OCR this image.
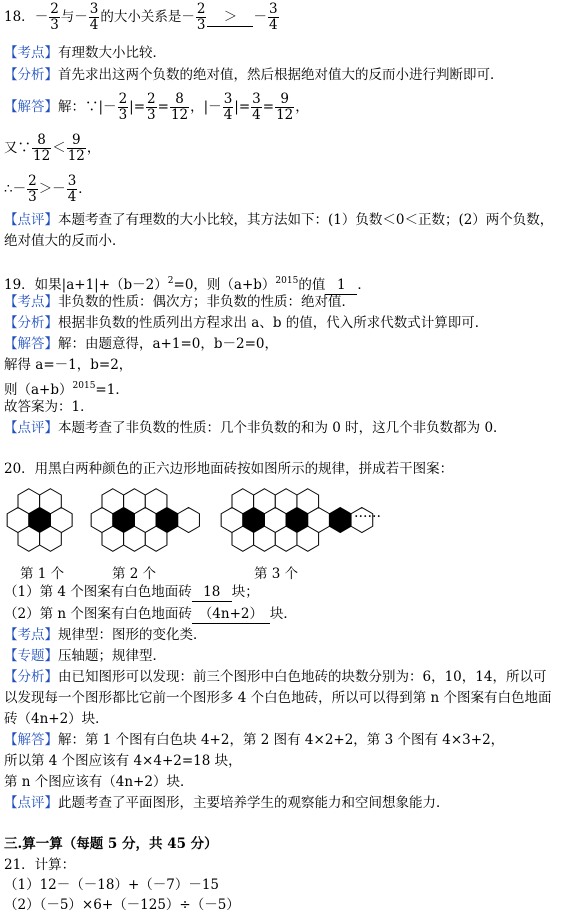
18．－ $\frac{2}{3}$ 与－ $\frac{3}{4}$ 的大小关系是－ $\frac{2}{3}$ ＞ － $\frac{3}{4}$
【考点】有理数大小比较．
【分析】首先求出这两个负数的绝对值，然后根据绝对值大的反而小进行判断即可．
【解答】解：∵|－ $\frac{2}{3}$ |= $\frac{2}{3} = \frac{8}{12}$ ，|－ $\frac{3}{4}$ |= $\frac{3}{4} = \frac{9}{12}$ ，
又∵ $\frac{8}{12} < \frac{9}{12}$ ，
∴－ $\frac{2}{3} >- \frac{3}{4}$ ．
【点评】本题考查了有理数的大小比较，其方法如下：(1）负数＜0＜正数；(2）两个负数，
绝对值大的反而小．
19．如果$|a+1|+(b-2)^2=0$，则$(a+b)^{2015}$的值 1 ．
【考点】非负数的性质：偶次方；非负数的性质：绝对值．
【分析】根据非负数的性质列出方程求出 a、b 的值，代入所求代数式计算即可．
【解答】解：由题意得，a+1=0，b－2=0，
解得 a=－1，b=2，
则$(a+b)^{2015}=1$．
故答案为：1．
【点评】本题考查了非负数的性质：几个非负数的和为 0 时，这几个非负数都为 0．
20．用黑白两种颜色的正六边形地面砖按如图所示的规律，拼成若干图案：
……
第 1 个	第 2 个	第 3 个
（1）第 4 个图案有白色地面砖 18 块；
（2）第 n 个图案有白色地面砖 （4n+2） 块．
【考点】规律型：图形的变化类．
【专题】压轴题；规律型．
【分析】由已知图形可以发现：前三个图形中白色地砖的块数分别为：6，10，14，所以可
以发现每一个图形都比它前一个图形多 4 个白色地砖，所以可以得到第 n 个图案有白色地面
砖（4n+2）块．
【解答】解：第 1 个图有白色块 4+2，第 2 图有 4×2+2，第 3 个图有 4×3+2，
所以第 4 个图应该有 4×4+2=18 块，
第 n 个图应该有（4n+2）块．
【点评】此题考查了平面图形，主要培养学生的观察能力和空间想象能力．
三.算一算（每题 5 分，共 45 分）
21．计算：
（1）12－（－18）+（－7）－15
（2）（－5）×6+（－125）÷（－5）
